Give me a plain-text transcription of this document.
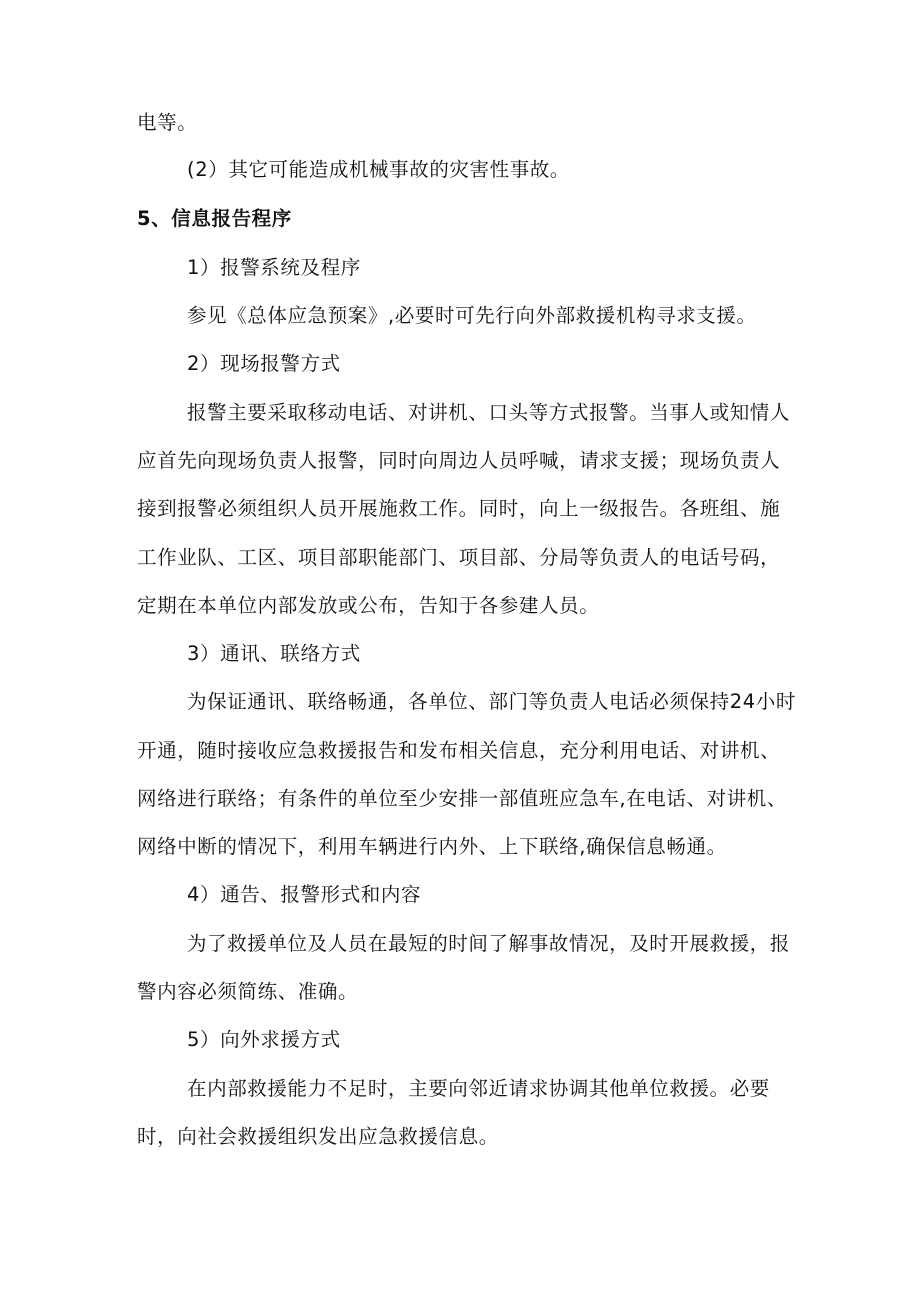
电等。
(2）其它可能造成机械事故的灾害性事故。
5、信息报告程序
1）报警系统及程序
参见《总体应急预案》,必要时可先行向外部救援机构寻求支援。
2）现场报警方式
报警主要采取移动电话、对讲机、口头等方式报警。当事人或知情人
应首先向现场负责人报警，同时向周边人员呼喊，请求支援；现场负责人
接到报警必须组织人员开展施救工作。同时，向上一级报告。各班组、施
工作业队、工区、项目部职能部门、项目部、分局等负责人的电话号码，
定期在本单位内部发放或公布，告知于各参建人员。
3）通讯、联络方式
为保证通讯、联络畅通，各单位、部门等负责人电话必须保持24小时
开通，随时接收应急救援报告和发布相关信息，充分利用电话、对讲机、
网络进行联络；有条件的单位至少安排一部值班应急车,在电话、对讲机、
网络中断的情况下，利用车辆进行内外、上下联络,确保信息畅通。
4）通告、报警形式和内容
为了救援单位及人员在最短的时间了解事故情况，及时开展救援，报
警内容必须简练、准确。
5）向外求援方式
在内部救援能力不足时，主要向邻近请求协调其他单位救援。必要
时，向社会救援组织发出应急救援信息。
